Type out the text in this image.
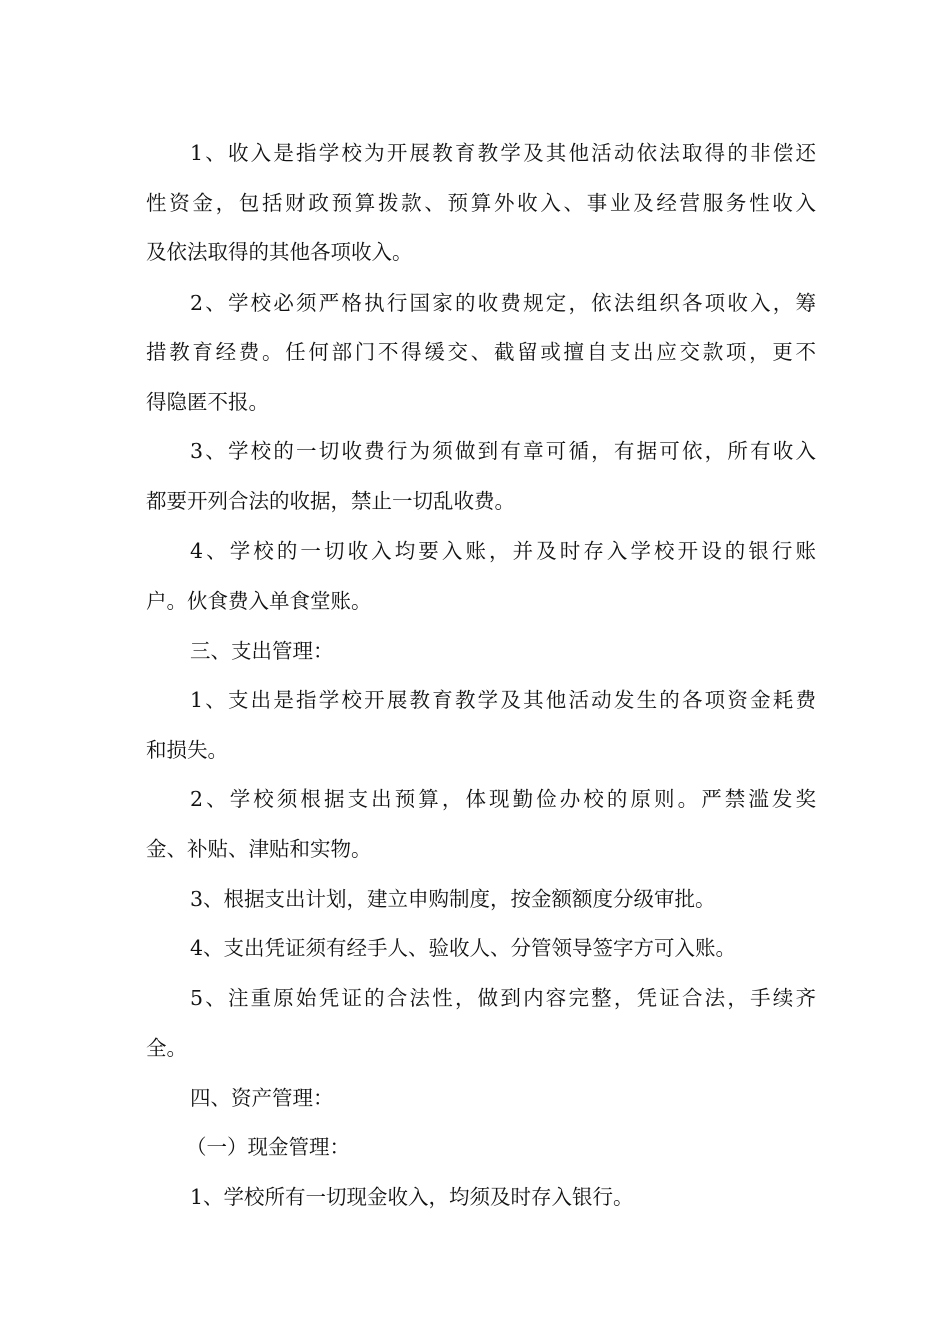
1、收入是指学校为开展教育教学及其他活动依法取得的非偿还
性资金，包括财政预算拨款、预算外收入、事业及经营服务性收入
及依法取得的其他各项收入。
2、学校必须严格执行国家的收费规定，依法组织各项收入，筹
措教育经费。任何部门不得缓交、截留或擅自支出应交款项，更不
得隐匿不报。
3、学校的一切收费行为须做到有章可循，有据可依，所有收入
都要开列合法的收据，禁止一切乱收费。
4、学校的一切收入均要入账，并及时存入学校开设的银行账
户。伙食费入单食堂账。
三、支出管理：
1、支出是指学校开展教育教学及其他活动发生的各项资金耗费
和损失。
2、学校须根据支出预算，体现勤俭办校的原则。严禁滥发奖
金、补贴、津贴和实物。
3、根据支出计划，建立申购制度，按金额额度分级审批。
4、支出凭证须有经手人、验收人、分管领导签字方可入账。
5、注重原始凭证的合法性，做到内容完整，凭证合法，手续齐
全。
四、资产管理：
（一）现金管理：
1、学校所有一切现金收入，均须及时存入银行。
